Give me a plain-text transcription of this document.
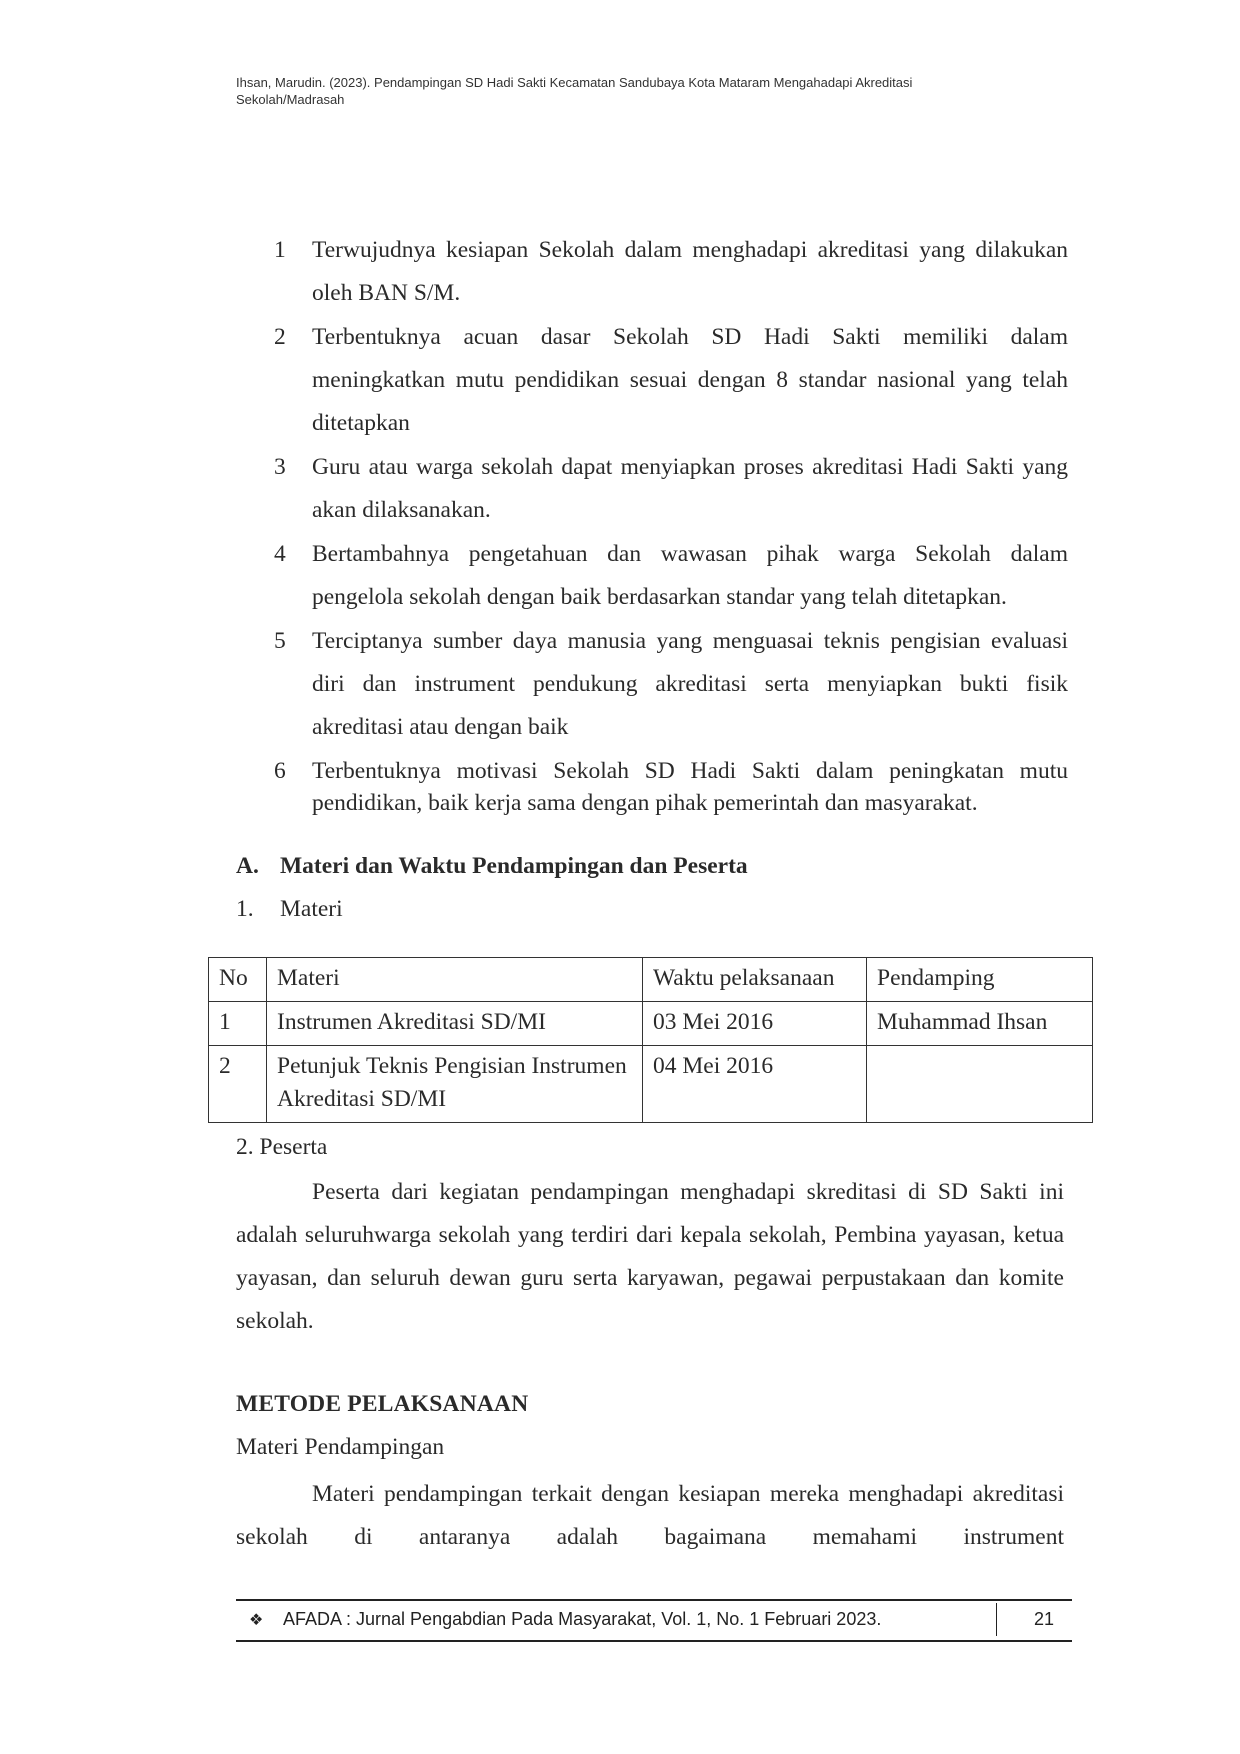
Ihsan, Marudin. (2023). Pendampingan SD Hadi Sakti Kecamatan Sandubaya Kota Mataram Mengahadapi Akreditasi Sekolah/Madrasah
1 Terwujudnya kesiapan Sekolah dalam menghadapi akreditasi yang dilakukan oleh BAN S/M.
2 Terbentuknya acuan dasar Sekolah SD Hadi Sakti memiliki dalam meningkatkan mutu pendidikan sesuai dengan 8 standar nasional yang telah ditetapkan
3 Guru atau warga sekolah dapat menyiapkan proses akreditasi Hadi Sakti yang akan dilaksanakan.
4 Bertambahnya pengetahuan dan wawasan pihak warga Sekolah dalam pengelola sekolah dengan baik berdasarkan standar yang telah ditetapkan.
5 Terciptanya sumber daya manusia yang menguasai teknis pengisian evaluasi diri dan instrument pendukung akreditasi serta menyiapkan bukti fisik akreditasi atau dengan baik
6 Terbentuknya motivasi Sekolah SD Hadi Sakti dalam peningkatan mutu pendidikan, baik kerja sama dengan pihak pemerintah dan masyarakat.
A. Materi dan Waktu Pendampingan dan Peserta
1. Materi
No	Materi	Waktu pelaksanaan	Pendamping
1	Instrumen Akreditasi SD/MI	03 Mei 2016	Muhammad Ihsan
2	Petunjuk Teknis Pengisian Instrumen Akreditasi SD/MI	04 Mei 2016	
2. Peserta

Peserta dari kegiatan pendampingan menghadapi skreditasi di SD Sakti ini adalah seluruhwarga sekolah yang terdiri dari kepala sekolah, Pembina yayasan, ketua yayasan, dan seluruh dewan guru serta karyawan, pegawai perpustakaan dan komite sekolah.

METODE PELAKSANAAN
Materi Pendampingan

Materi pendampingan terkait dengan kesiapan mereka menghadapi akreditasi sekolah di antaranya adalah bagaimana memahami instrument

❖ AFADA : Jurnal Pengabdian Pada Masyarakat, Vol. 1, No. 1 Februari 2023.	21
